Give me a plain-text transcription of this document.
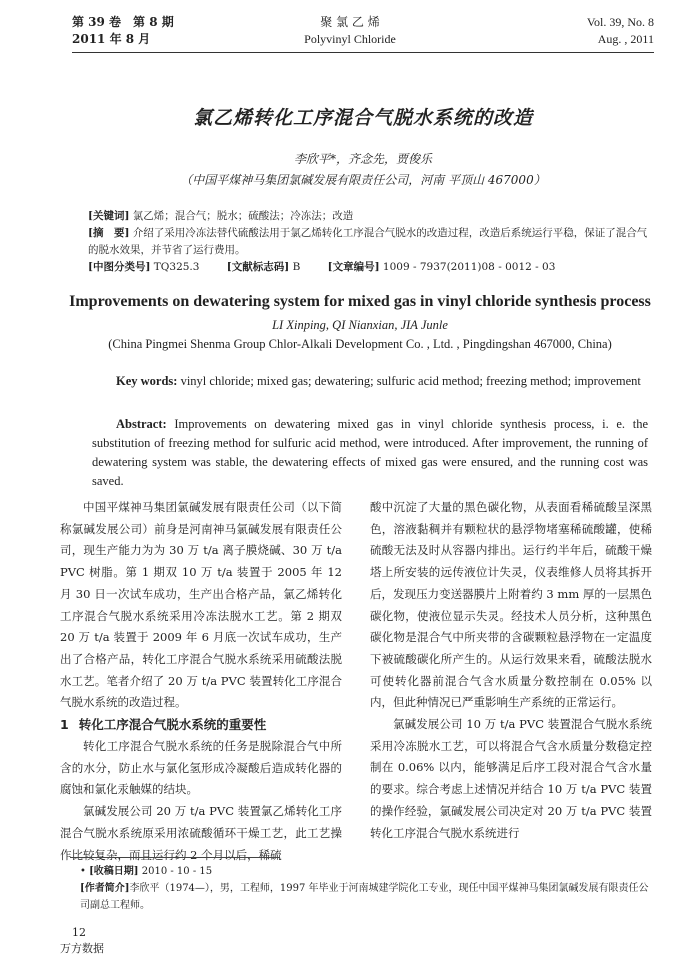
第 39 卷　第 8 期
2011 年 8 月
聚 氯 乙 烯
Polyvinyl Chloride
Vol. 39, No. 8
Aug. , 2011
氯乙烯转化工序混合气脱水系统的改造
李欣平*，齐念先，贾俊乐
（中国平煤神马集团氯碱发展有限责任公司，河南 平顶山 467000）

[关键词] 氯乙烯；混合气；脱水；硫酸法；冷冻法；改造

[摘　要] 介绍了采用冷冻法替代硫酸法用于氯乙烯转化工序混合气脱水的改造过程，改造后系统运行平稳，保证了混合气的脱水效果，并节省了运行费用。

[中图分类号] TQ325.3	[文献标志码] B	[文章编号] 1009 - 7937(2011)08 - 0012 - 03

Improvements on dewatering system for mixed gas in vinyl chloride synthesis process
LI Xinping, QI Nianxian, JIA Junle
(China Pingmei Shenma Group Chlor-Alkali Development Co. , Ltd. , Pingdingshan 467000, China)

Key words: vinyl chloride; mixed gas; dewatering; sulfuric acid method; freezing method; improvement

Abstract: Improvements on dewatering mixed gas in vinyl chloride synthesis process, i. e. the substitution of freezing method for sulfuric acid method, were introduced. After improvement, the running of dewatering system was stable, the dewatering effects of mixed gas were ensured, and the running cost was saved.

中国平煤神马集团氯碱发展有限责任公司（以下简称氯碱发展公司）前身是河南神马氯碱发展有限责任公司，现生产能力为为 30 万 t/a 离子膜烧碱、30 万 t/a PVC 树脂。第 1 期双 10 万 t/a 装置于 2005 年 12 月 30 日一次试车成功，生产出合格产品，氯乙烯转化工序混合气脱水系统采用冷冻法脱水工艺。第 2 期双 20 万 t/a 装置于 2009 年 6 月底一次试车成功，生产出了合格产品，转化工序混合气脱水系统采用硫酸法脱水工艺。笔者介绍了 20 万 t/a PVC 装置转化工序混合气脱水系统的改造过程。

1 转化工序混合气脱水系统的重要性

转化工序混合气脱水系统的任务是脱除混合气中所含的水分，防止水与氯化氢形成冷凝酸后造成转化器的腐蚀和氯化汞触媒的结块。

氯碱发展公司 20 万 t/a PVC 装置氯乙烯转化工序混合气脱水系统原采用浓硫酸循环干燥工艺，此工艺操作比较复杂，而且运行约 2 个月以后，稀硫

酸中沉淀了大量的黑色碳化物，从表面看稀硫酸呈深黑色，溶液黏稠并有颗粒状的悬浮物堵塞稀硫酸罐，使稀硫酸无法及时从容器内排出。运行约半年后，硫酸干燥塔上所安装的远传液位计失灵，仪表维修人员将其拆开后，发现压力变送器膜片上附着约 3 mm 厚的一层黑色碳化物，使液位显示失灵。经技术人员分析，这种黑色碳化物是混合气中所夹带的含碳颗粒悬浮物在一定温度下被硫酸碳化所产生的。从运行效果来看，硫酸法脱水可使转化器前混合气含水质量分数控制在 0.05% 以内，但此种情况已严重影响生产系统的正常运行。

氯碱发展公司 10 万 t/a PVC 装置混合气脱水系统采用冷冻脱水工艺，可以将混合气含水质量分数稳定控制在 0.06% 以内，能够满足后序工段对混合气含水量的要求。综合考虑上述情况并结合 10 万 t/a PVC 装置的操作经验，氯碱发展公司决定对 20 万 t/a PVC 装置转化工序混合气脱水系统进行

• [收稿日期] 2010 - 10 - 15

[作者简介]李欣平（1974—），男，工程师，1997 年毕业于河南城建学院化工专业，现任中国平煤神马集团氯碱发展有限责任公司副总工程师。

12
万方数据
